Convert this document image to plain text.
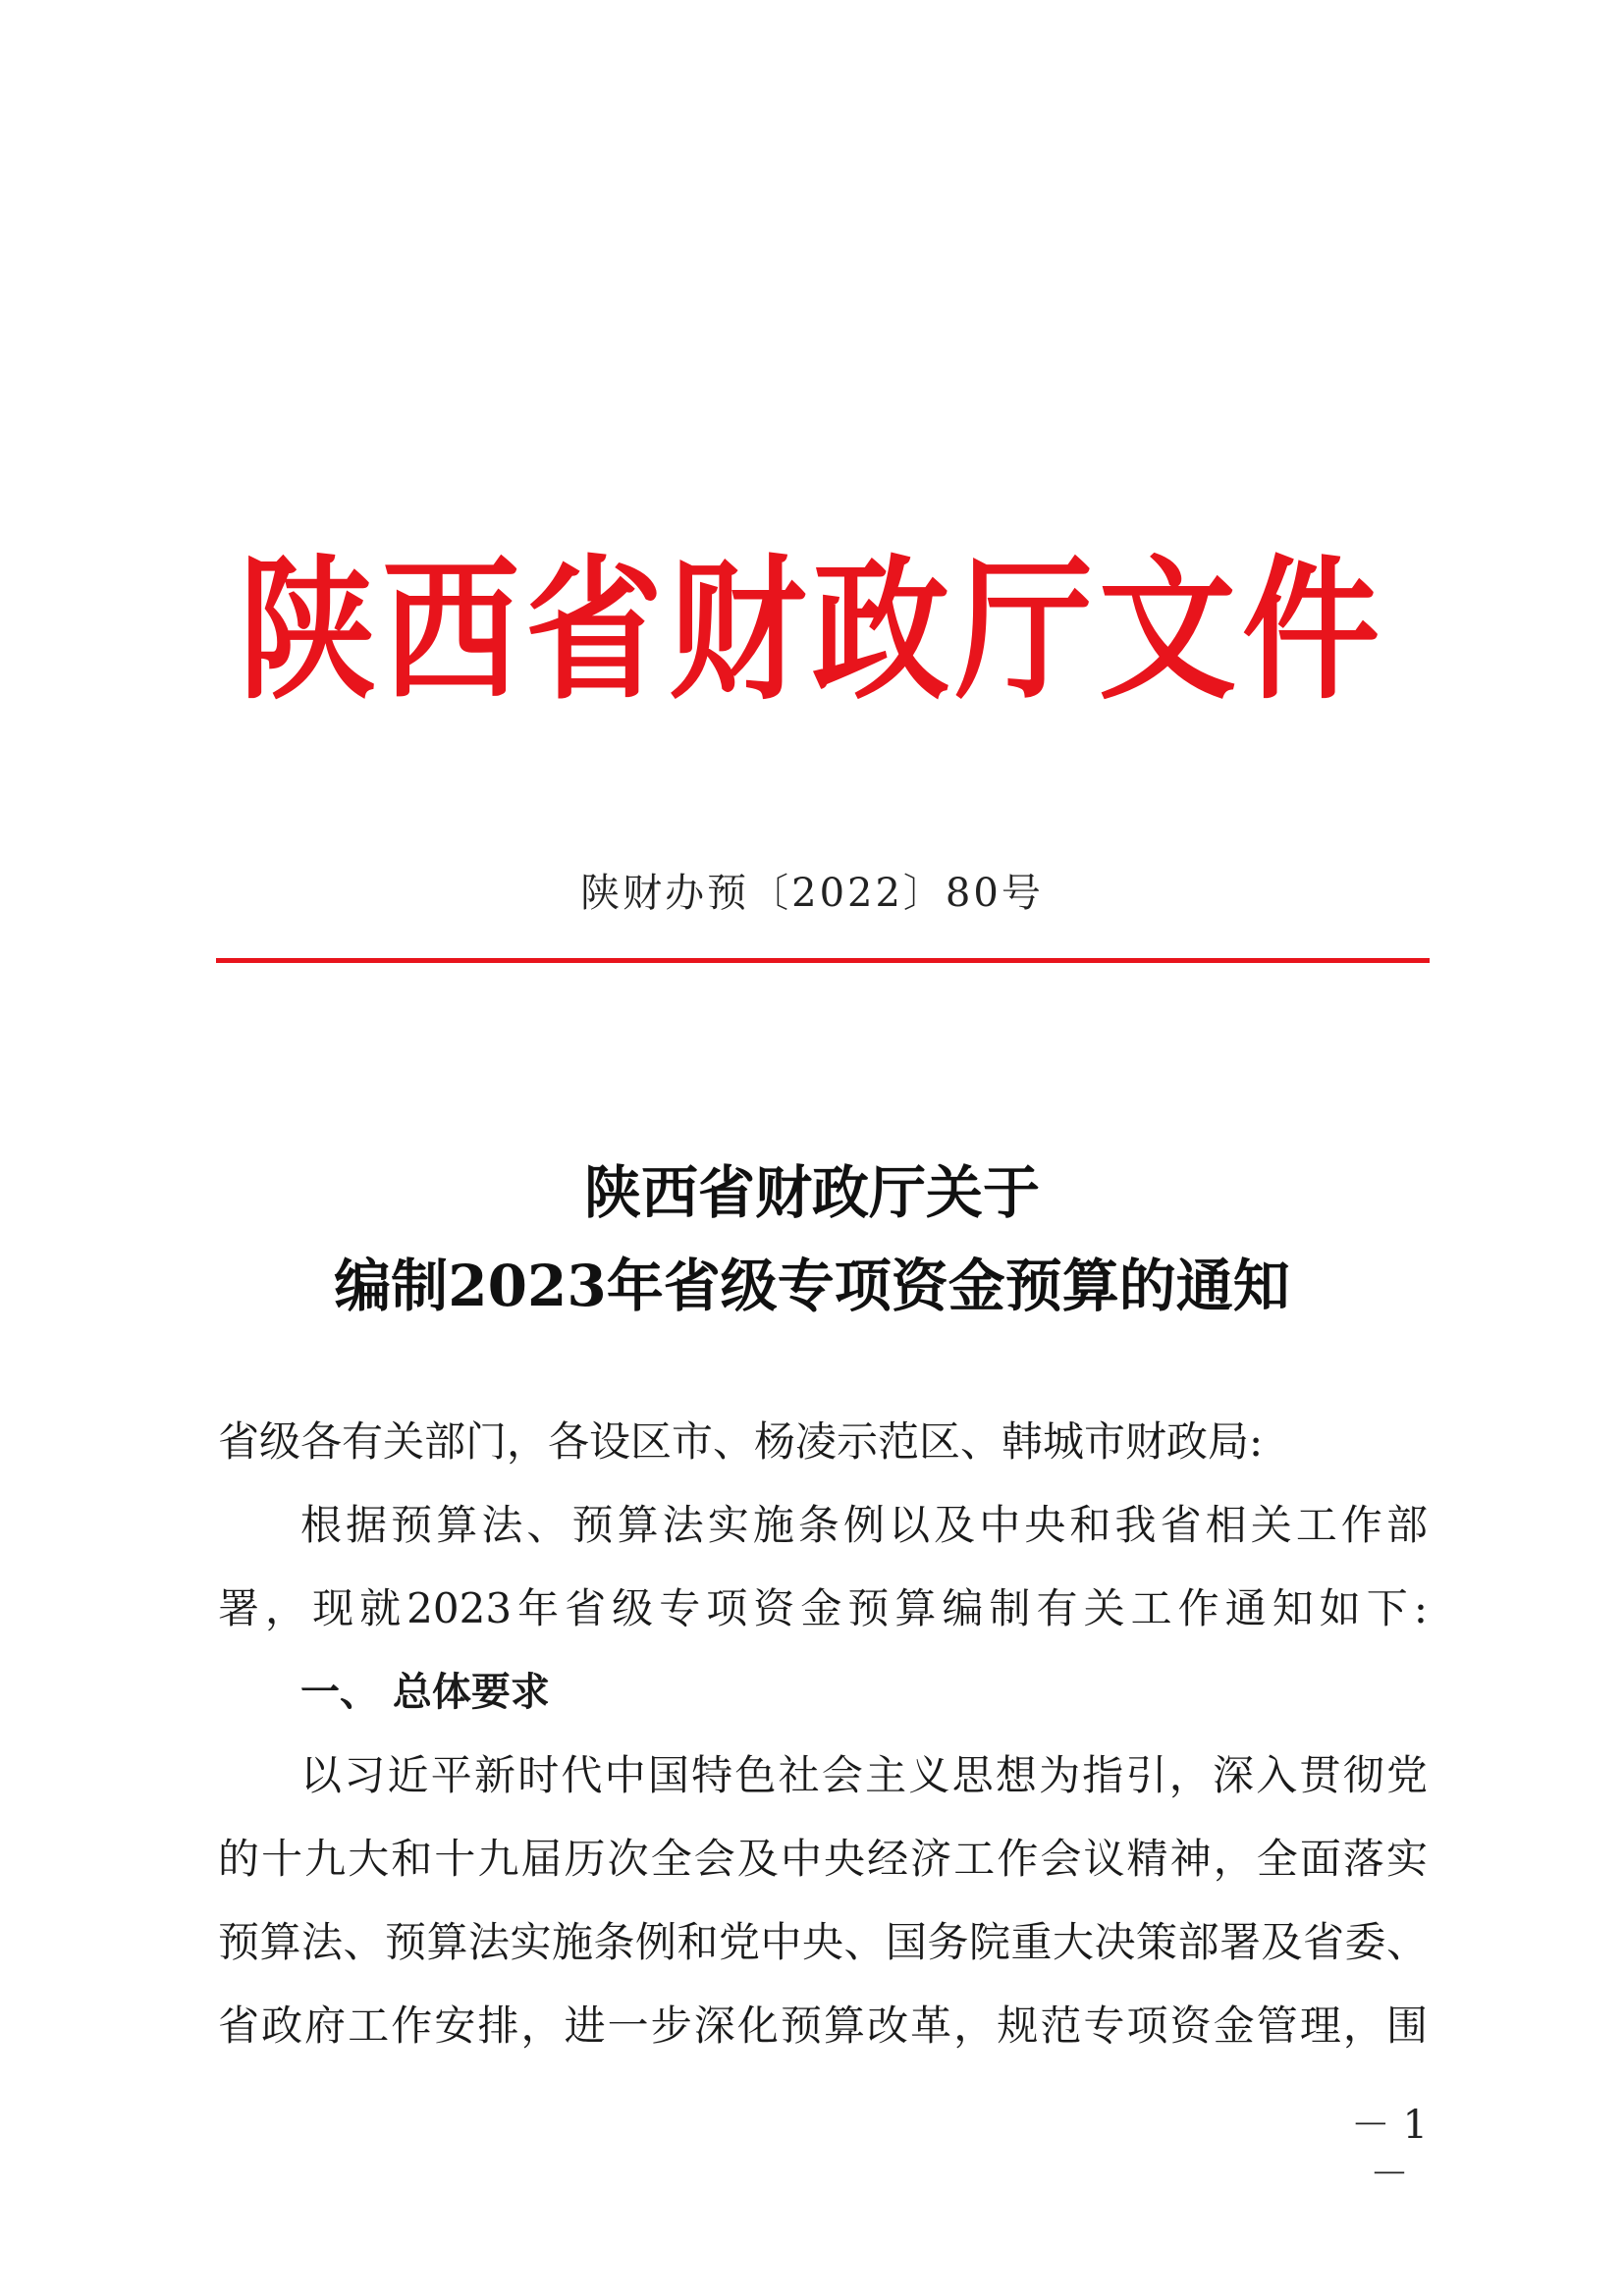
陕西省财政厅文件
陕财办预〔2022〕80号
陕西省财政厅关于
编制2023年省级专项资金预算的通知
省级各有关部门，各设区市、杨凌示范区、韩城市财政局:
根据预算法、预算法实施条例以及中央和我省相关工作部
署，现就2023年省级专项资金预算编制有关工作通知如下:
一、 总体要求
以习近平新时代中国特色社会主义思想为指引，深入贯彻党
的十九大和十九届历次全会及中央经济工作会议精神，全面落实
预算法、预算法实施条例和党中央、国务院重大决策部署及省委、
省政府工作安排，进一步深化预算改革，规范专项资金管理，围
－ 1 －
